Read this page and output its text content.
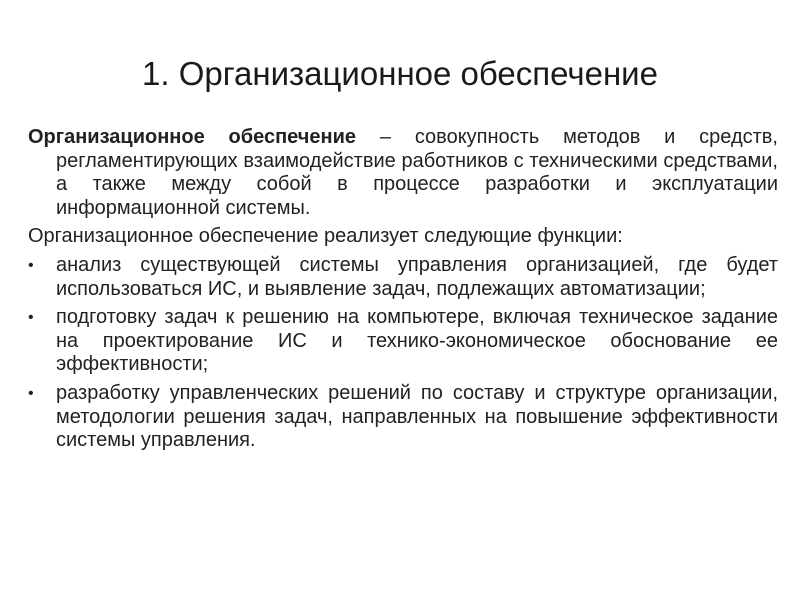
1. Организационное обеспечение

Организационное обеспечение – совокупность методов и средств, регламентирующих взаимодействие работников с техническими средствами, а также между собой в процессе разработки и эксплуатации информационной системы.

Организационное обеспечение реализует следующие функции:

•	анализ существующей системы управления организацией, где будет использоваться ИС, и выявление задач, подлежащих автоматизации;
•	подготовку задач к решению на компьютере, включая техническое задание на проектирование ИС и технико-экономическое обоснование ее эффективности;
•	разработку управленческих решений по составу и структуре организации, методологии решения задач, направленных на повышение эффективности системы управления.
